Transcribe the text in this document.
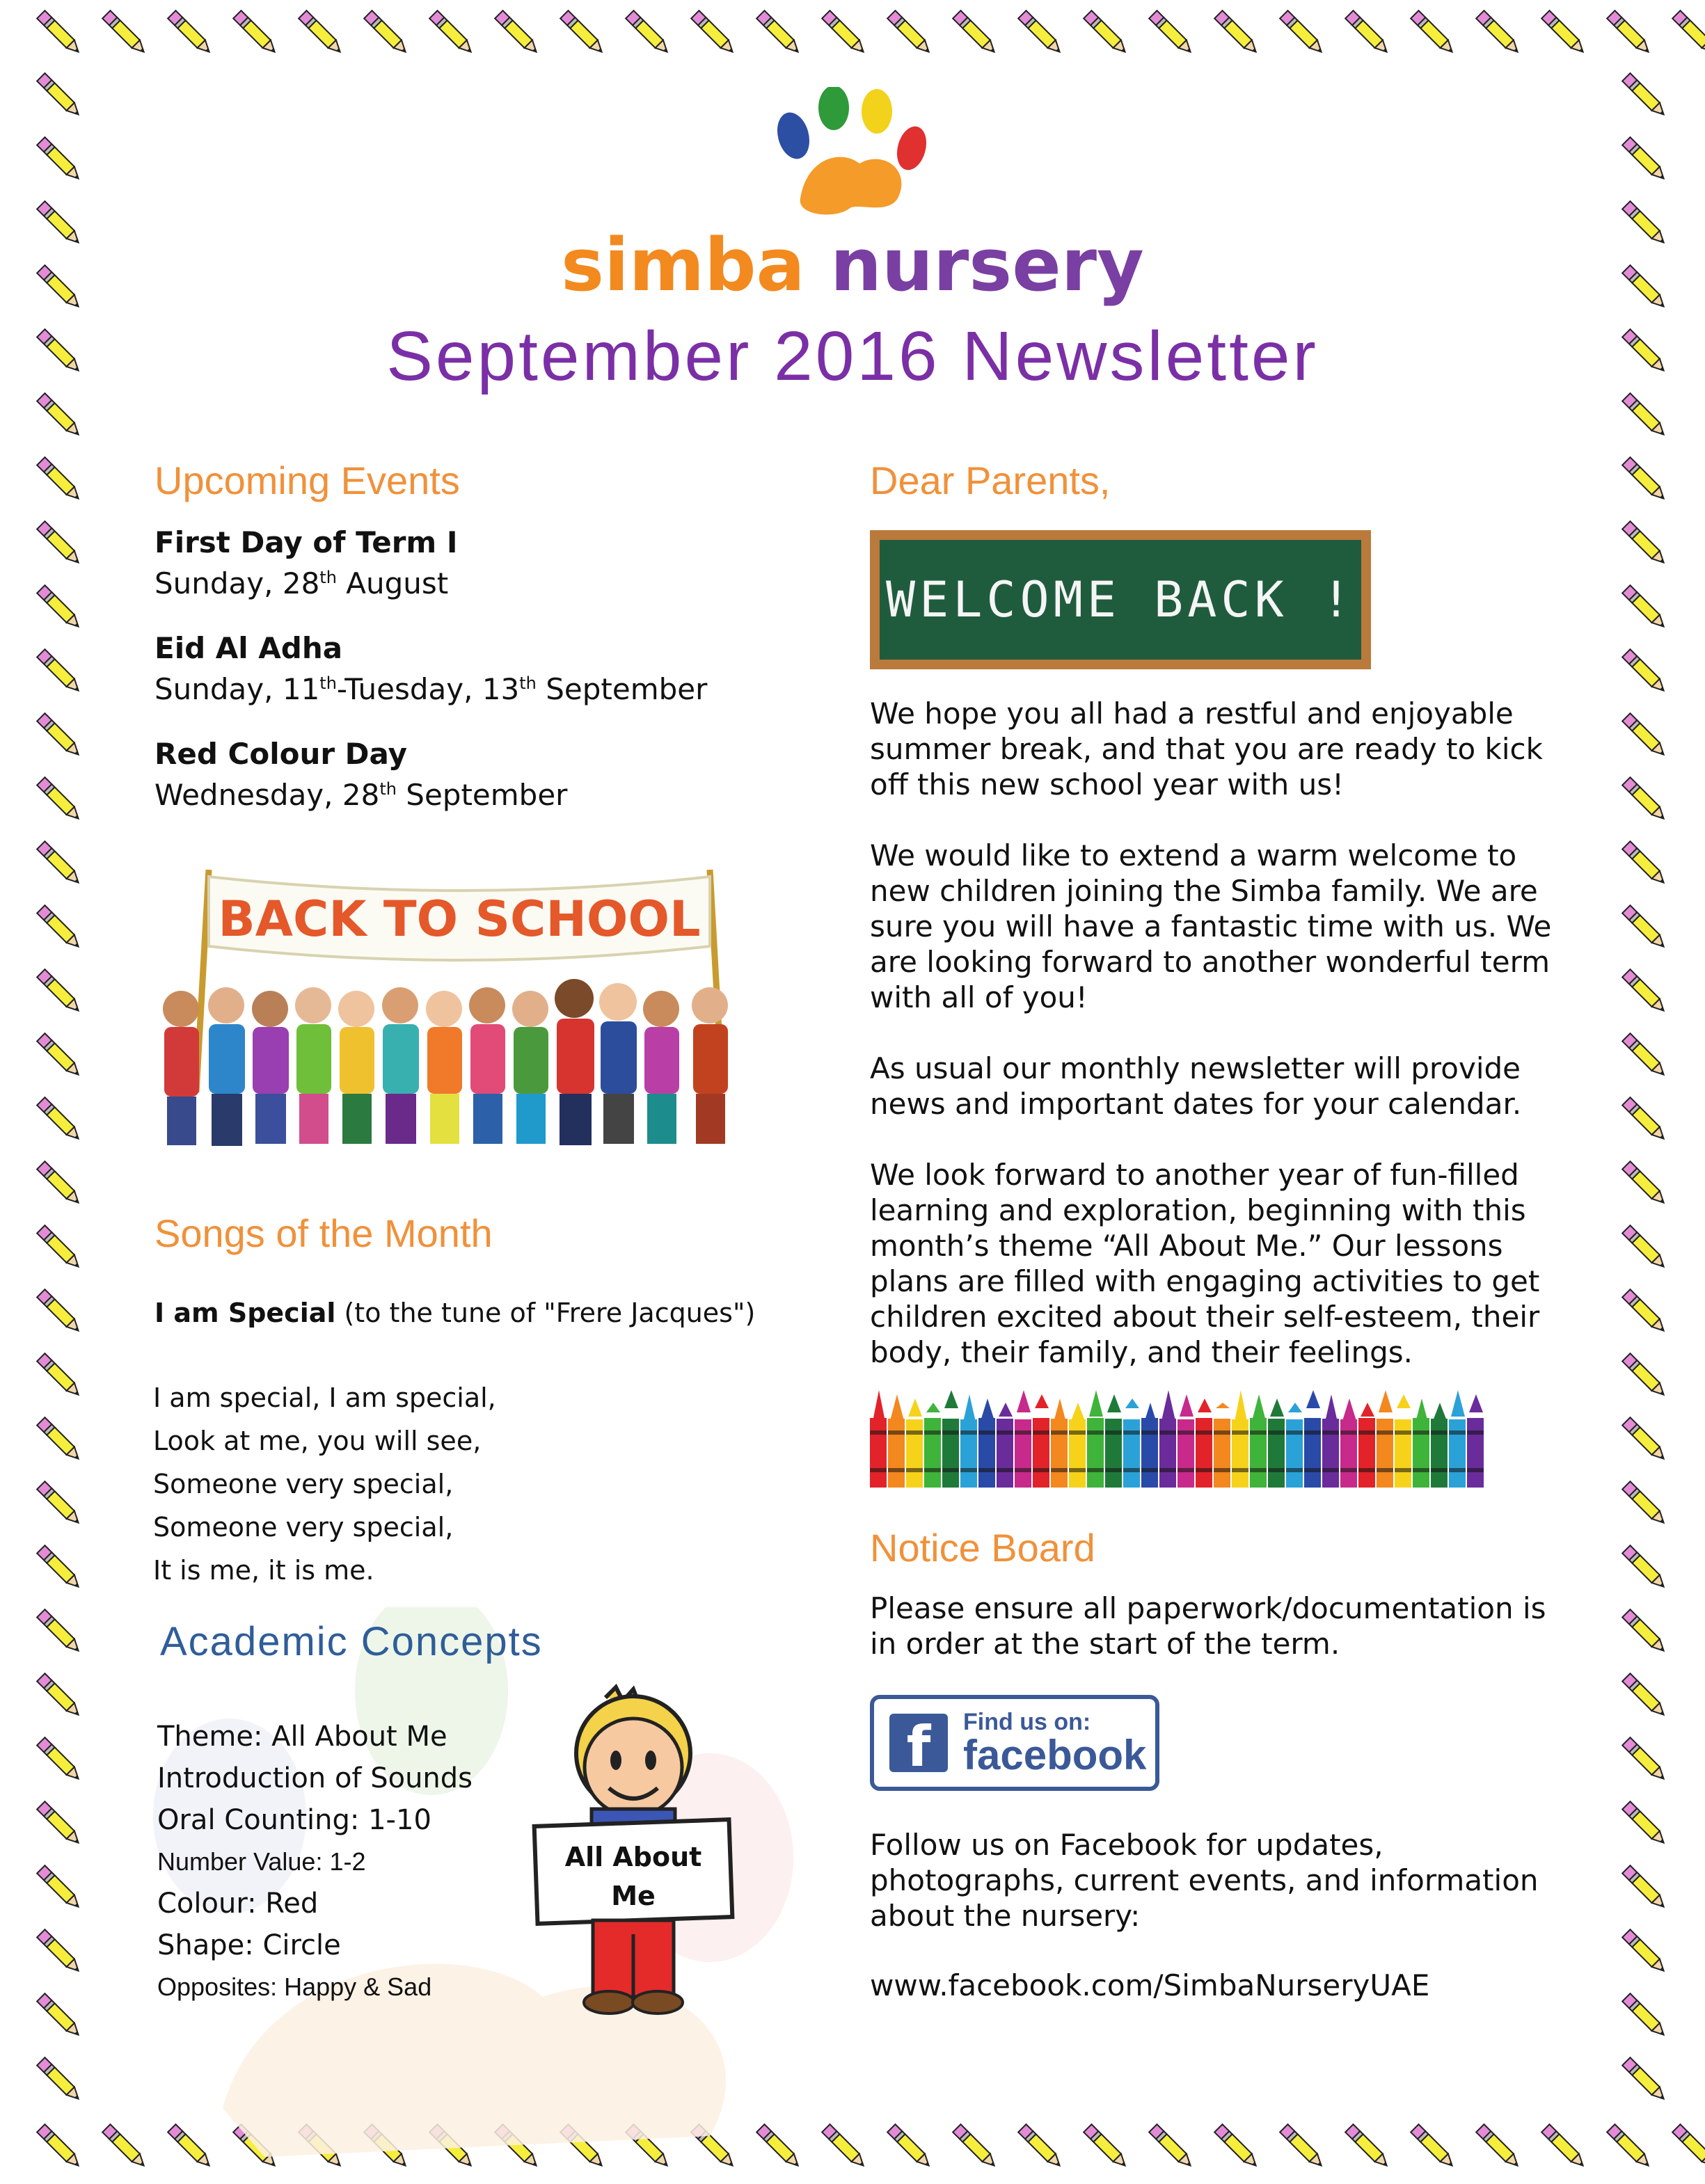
simba nursery
September 2016 Newsletter
Upcoming Events
First Day of Term I
Sunday, 28th August
Eid Al Adha
Sunday, 11th-Tuesday, 13th September
Red Colour Day
Wednesday, 28th September
BACK TO SCHOOL
Songs of the Month
I am Special (to the tune of "Frere Jacques")
I am special, I am special,
Look at me, you will see,
Someone very special,
Someone very special,
It is me, it is me.
Academic Concepts
Theme: All About Me
Introduction of Sounds
Oral Counting: 1-10
Number Value: 1-2
Colour: Red
Shape: Circle
Opposites: Happy & Sad
All About
Me
Dear Parents,
WELCOME BACK !
We hope you all had a restful and enjoyable
summer break, and that you are ready to kick
off this new school year with us!
We would like to extend a warm welcome to
new children joining the Simba family. We are
sure you will have a fantastic time with us. We
are looking forward to another wonderful term
with all of you!
As usual our monthly newsletter will provide
news and important dates for your calendar.
We look forward to another year of fun-filled
learning and exploration, beginning with this
month’s theme “All About Me.” Our lessons
plans are filled with engaging activities to get
children excited about their self-esteem, their
body, their family, and their feelings.
Notice Board
Please ensure all paperwork/documentation is
in order at the start of the term.
f	Find us on:
facebook
Follow us on Facebook for updates,
photographs, current events, and information
about the nursery:
www.facebook.com/SimbaNurseryUAE
